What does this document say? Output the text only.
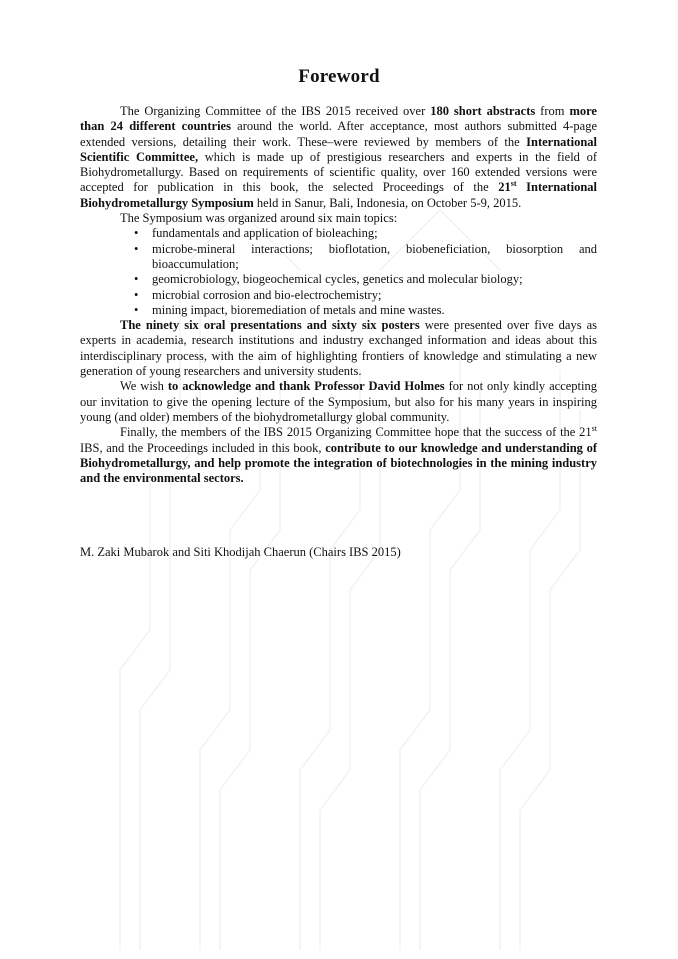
Foreword

The Organizing Committee of the IBS 2015 received over 180 short abstracts from more than 24 different countries around the world. After acceptance, most authors submitted 4-page extended versions, detailing their work. These–were reviewed by members of the International Scientific Committee, which is made up of prestigious researchers and experts in the field of Biohydrometallurgy. Based on requirements of scientific quality, over 160 extended versions were accepted for publication in this book, the selected Proceedings of the 21st International Biohydrometallurgy Symposium held in Sanur, Bali, Indonesia, on October 5-9, 2015.

The Symposium was organized around six main topics:

• fundamentals and application of bioleaching;
• microbe-mineral interactions; bioflotation, biobeneficiation, biosorption and bioaccumulation;
• geomicrobiology, biogeochemical cycles, genetics and molecular biology;
• microbial corrosion and bio-electrochemistry;
• mining impact, bioremediation of metals and mine wastes.

The ninety six oral presentations and sixty six posters were presented over five days as experts in academia, research institutions and industry exchanged information and ideas about this interdisciplinary process, with the aim of highlighting frontiers of knowledge and stimulating a new generation of young researchers and university students.

We wish to acknowledge and thank Professor David Holmes for not only kindly accepting our invitation to give the opening lecture of the Symposium, but also for his many years in inspiring young (and older) members of the biohydrometallurgy global community.

Finally, the members of the IBS 2015 Organizing Committee hope that the success of the 21st IBS, and the Proceedings included in this book, contribute to our knowledge and understanding of Biohydrometallurgy, and help promote the integration of biotechnologies in the mining industry and the environmental sectors.

M. Zaki Mubarok and Siti Khodijah Chaerun (Chairs IBS 2015)
